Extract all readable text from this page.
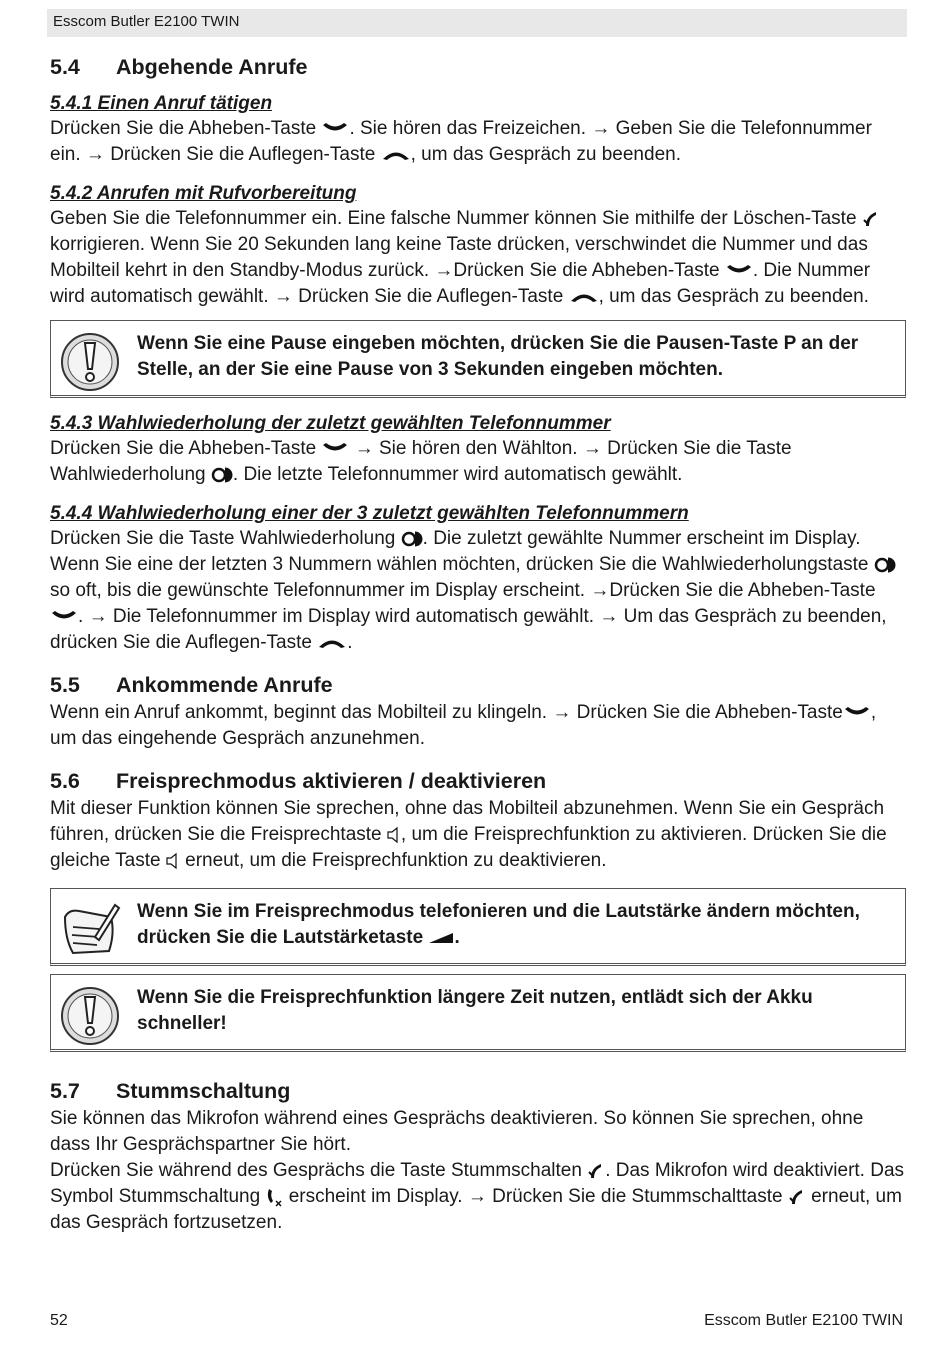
Esscom Butler E2100 TWIN
5.4 Abgehende Anrufe
5.4.1 Einen Anruf tätigen

Drücken Sie die Abheben-Taste . Sie hören das Freizeichen. → Geben Sie die Telefonnummer ein. → Drücken Sie die Auflegen-Taste , um das Gespräch zu beenden.

5.4.2 Anrufen mit Rufvorbereitung

Geben Sie die Telefonnummer ein. Eine falsche Nummer können Sie mithilfe der Löschen-Taste  korrigieren. Wenn Sie 20 Sekunden lang keine Taste drücken, verschwindet die Nummer und das Mobilteil kehrt in den Standby-Modus zurück. →Drücken Sie die Abheben-Taste . Die Nummer wird automatisch gewählt. → Drücken Sie die Auflegen-Taste , um das Gespräch zu beenden.

Wenn Sie eine Pause eingeben möchten, drücken Sie die Pausen-Taste P an der Stelle, an der Sie eine Pause von 3 Sekunden eingeben möchten.

5.4.3 Wahlwiederholung der zuletzt gewählten Telefonnummer

Drücken Sie die Abheben-Taste  → Sie hören den Wählton. → Drücken Sie die Taste Wahlwiederholung . Die letzte Telefonnummer wird automatisch gewählt.

5.4.4 Wahlwiederholung einer der 3 zuletzt gewählten Telefonnummern

Drücken Sie die Taste Wahlwiederholung . Die zuletzt gewählte Nummer erscheint im Display. Wenn Sie eine der letzten 3 Nummern wählen möchten, drücken Sie die Wahlwiederholungstaste  so oft, bis die gewünschte Telefonnummer im Display erscheint. →Drücken Sie die Abheben-Taste . → Die Telefonnummer im Display wird automatisch gewählt. → Um das Gespräch zu beenden, drücken Sie die Auflegen-Taste .

5.5 Ankommende Anrufe

Wenn ein Anruf ankommt, beginnt das Mobilteil zu klingeln. → Drücken Sie die Abheben-Taste , um das eingehende Gespräch anzunehmen.

5.6 Freisprechmodus aktivieren / deaktivieren

Mit dieser Funktion können Sie sprechen, ohne das Mobilteil abzunehmen. Wenn Sie ein Gespräch führen, drücken Sie die Freisprechtaste , um die Freisprechfunktion zu aktivieren. Drücken Sie die gleiche Taste  erneut, um die Freisprechfunktion zu deaktivieren.

Wenn Sie im Freisprechmodus telefonieren und die Lautstärke ändern möchten, drücken Sie die Lautstärketaste .

Wenn Sie die Freisprechfunktion längere Zeit nutzen, entlädt sich der Akku schneller!

5.7 Stummschaltung

Sie können das Mikrofon während eines Gesprächs deaktivieren. So können Sie sprechen, ohne dass Ihr Gesprächspartner Sie hört.

Drücken Sie während des Gesprächs die Taste Stummschalten . Das Mikrofon wird deaktiviert. Das Symbol Stummschaltung  erscheint im Display. → Drücken Sie die Stummschalttaste  erneut, um das Gespräch fortzusetzen.

52	Esscom Butler E2100 TWIN
